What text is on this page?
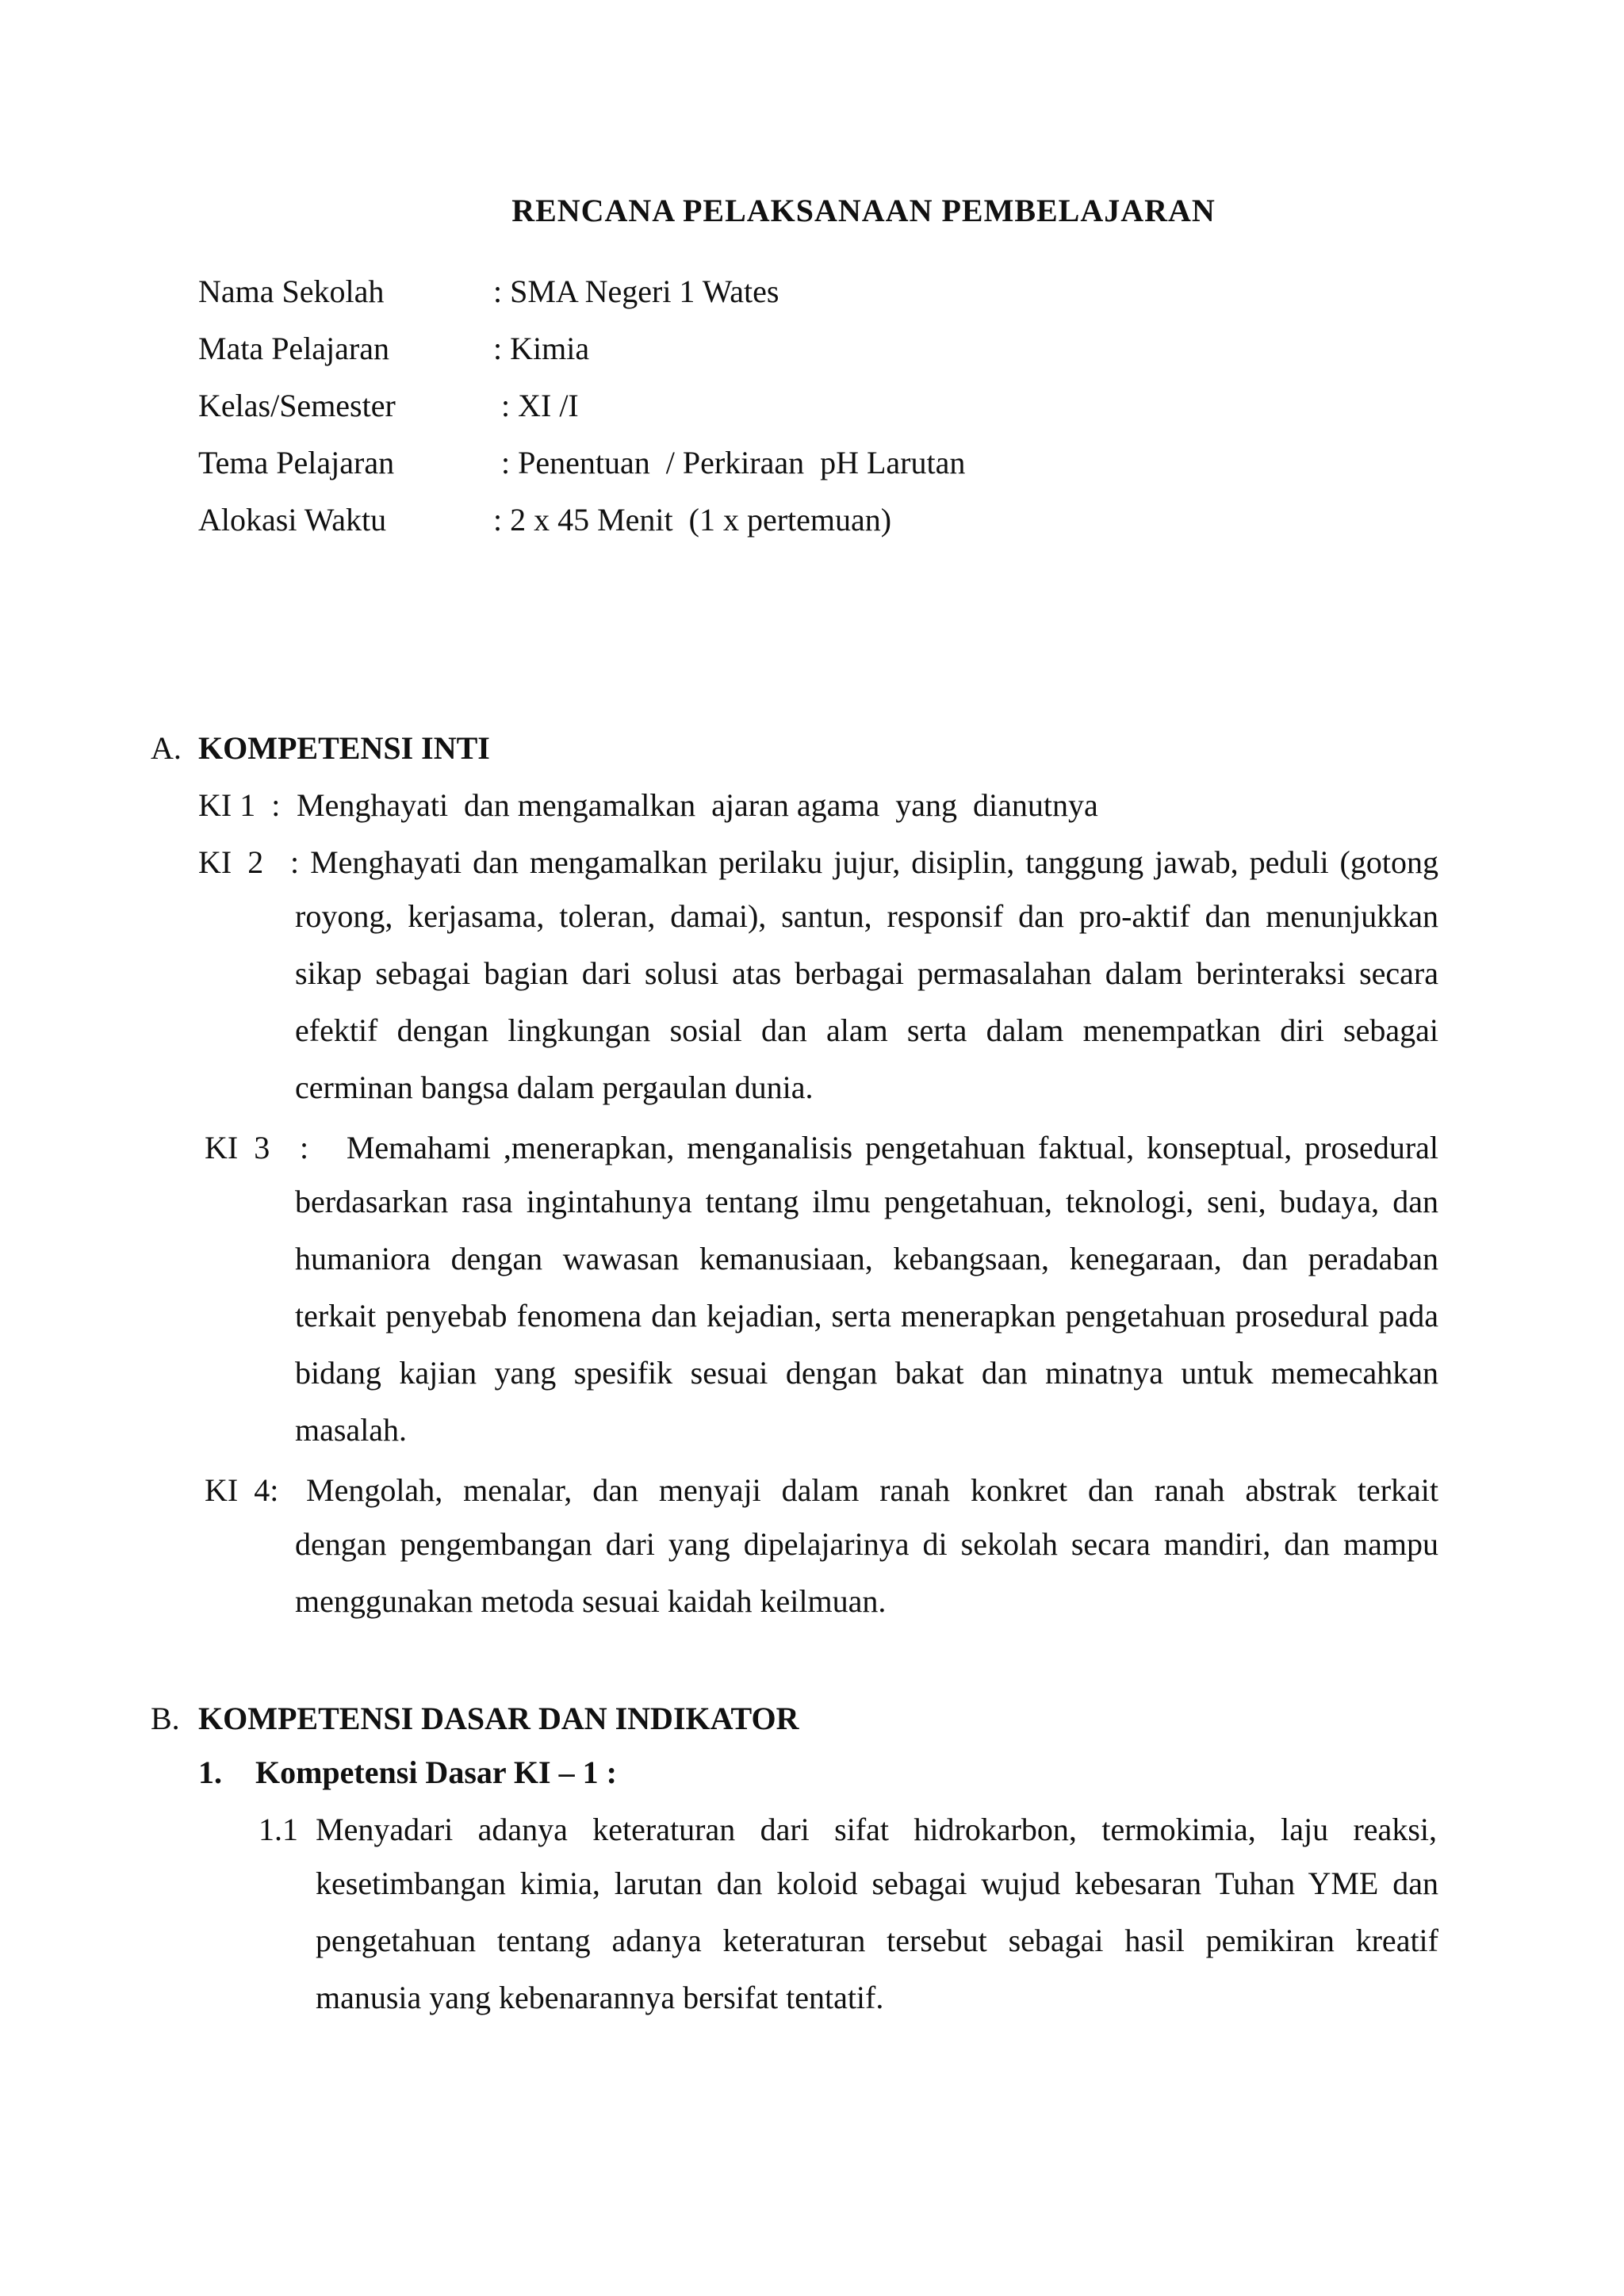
RENCANA PELAKSANAAN PEMBELAJARAN
Nama Sekolah	: SMA Negeri 1 Wates
Mata Pelajaran	: Kimia
Kelas/Semester	: XI /I
Tema Pelajaran	: Penentuan  / Perkiraan  pH Larutan
Alokasi Waktu	: 2 x 45 Menit  (1 x pertemuan)
A. KOMPETENSI INTI
KI 1  : Menghayati  dan mengamalkan  ajaran agama  yang  dianutnya
KI  2 : Menghayati dan mengamalkan perilaku jujur, disiplin, tanggung jawab, peduli (gotong
royong, kerjasama, toleran, damai), santun, responsif dan pro-aktif dan menunjukkan sikap sebagai bagian dari solusi atas berbagai permasalahan dalam berinteraksi secara efektif dengan lingkungan sosial dan alam serta dalam menempatkan diri sebagai cerminan bangsa dalam pergaulan dunia.
KI  3 :   Memahami ,menerapkan, menganalisis pengetahuan faktual, konseptual, prosedural
berdasarkan rasa ingintahunya tentang ilmu pengetahuan, teknologi, seni, budaya, dan humaniora dengan wawasan kemanusiaan, kebangsaan, kenegaraan, dan peradaban terkait penyebab fenomena dan kejadian, serta menerapkan pengetahuan prosedural pada bidang kajian yang spesifik sesuai dengan bakat dan minatnya untuk memecahkan masalah.
KI  4: Mengolah, menalar, dan menyaji dalam ranah konkret dan ranah abstrak terkait
dengan pengembangan dari yang dipelajarinya di sekolah secara mandiri, dan mampu menggunakan metoda sesuai kaidah keilmuan.
B. KOMPETENSI DASAR DAN INDIKATOR
1. Kompetensi Dasar KI – 1 :
1.1 Menyadari adanya keteraturan dari sifat hidrokarbon, termokimia, laju reaksi,
kesetimbangan kimia, larutan dan koloid sebagai wujud kebesaran Tuhan YME dan pengetahuan tentang adanya keteraturan tersebut sebagai hasil pemikiran kreatif manusia yang kebenarannya bersifat tentatif.
